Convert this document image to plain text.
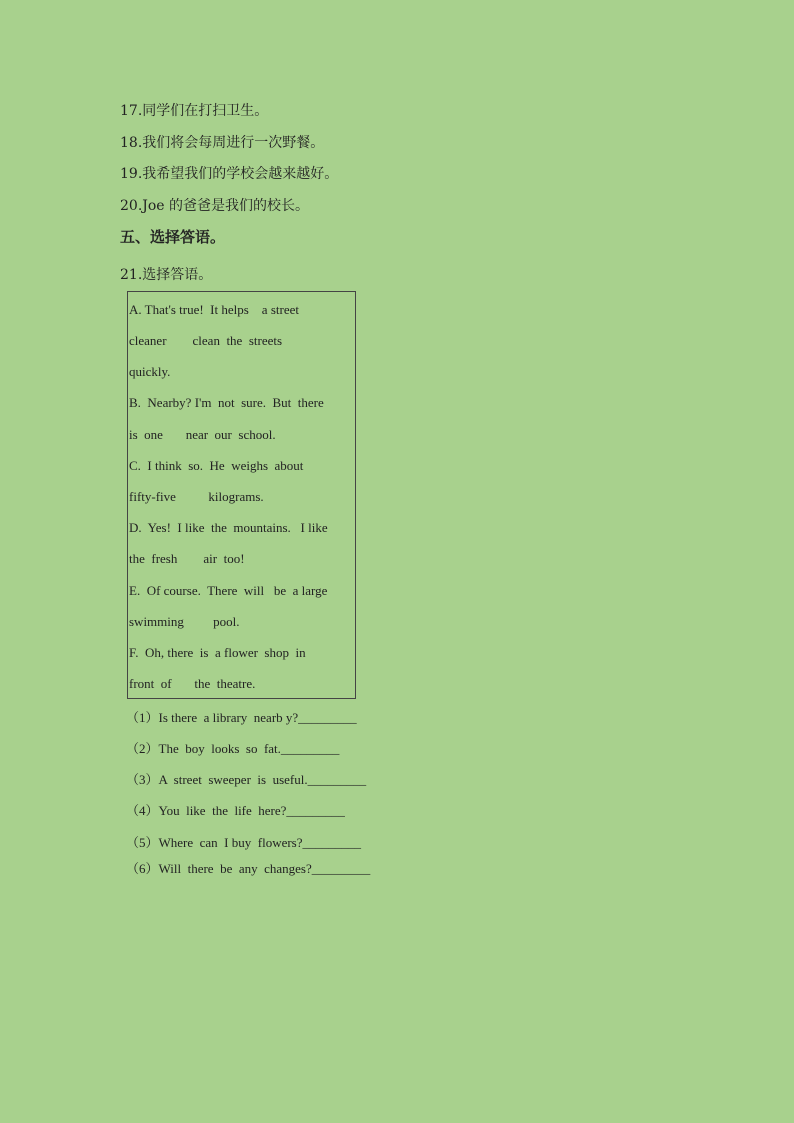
17.同学们在打扫卫生。
18.我们将会每周进行一次野餐。
19.我希望我们的学校会越来越好。
20.Joe 的爸爸是我们的校长。
五、选择答语。
21.选择答语。
A. That's true!  It helps    a street
cleaner        clean  the  streets
quickly.
B.  Nearby? I'm  not  sure.  But  there
is  one       near  our  school.
C.  I think  so.  He  weighs  about
fifty-five          kilograms.
D.  Yes!  I like  the  mountains.   I like
the  fresh        air  too!
E.  Of course.  There  will   be  a large
swimming         pool.
F.  Oh, there  is  a flower  shop  in
front  of       the  theatre.
（1）Is there  a library  nearb y?_________
（2）The  boy  looks  so  fat._________
（3）A  street  sweeper  is  useful._________
（4）You  like  the  life  here?_________
（5）Where  can  I buy  flowers?_________
（6）Will  there  be  any  changes?_________
